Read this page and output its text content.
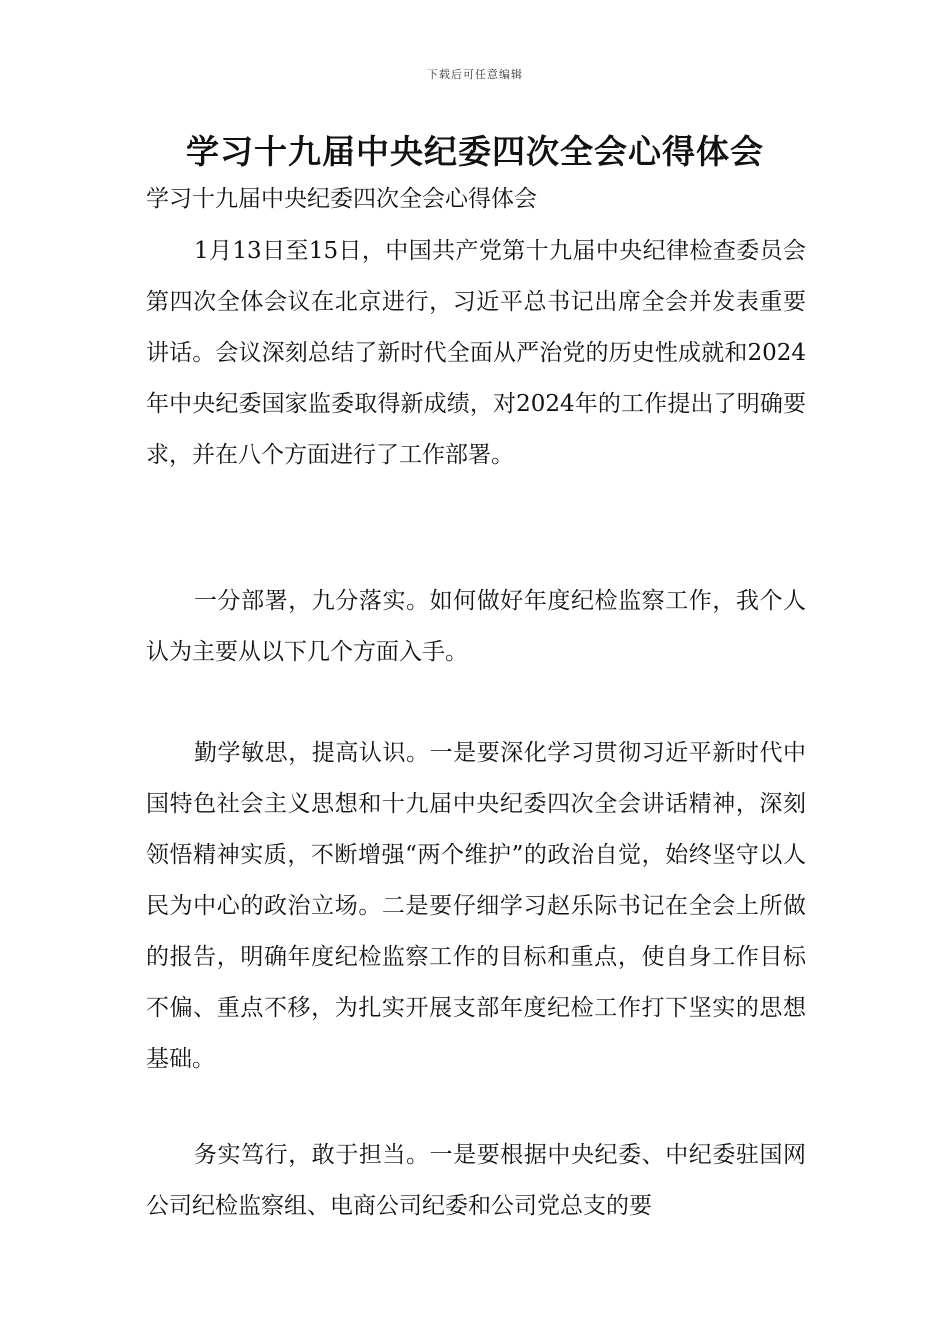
下载后可任意编辑
学习十九届中央纪委四次全会心得体会

学习十九届中央纪委四次全会心得体会

1月13日至15日，中国共产党第十九届中央纪律检查委员会第四次全体会议在北京进行，习近平总书记出席全会并发表重要讲话。会议深刻总结了新时代全面从严治党的历史性成就和2024年中央纪委国家监委取得新成绩，对2024年的工作提出了明确要求，并在八个方面进行了工作部署。

一分部署，九分落实。如何做好年度纪检监察工作，我个人认为主要从以下几个方面入手。

勤学敏思，提高认识。一是要深化学习贯彻习近平新时代中国特色社会主义思想和十九届中央纪委四次全会讲话精神，深刻领悟精神实质，不断增强“两个维护”的政治自觉，始终坚守以人民为中心的政治立场。二是要仔细学习赵乐际书记在全会上所做的报告，明确年度纪检监察工作的目标和重点，使自身工作目标不偏、重点不移，为扎实开展支部年度纪检工作打下坚实的思想基础。

务实笃行，敢于担当。一是要根据中央纪委、中纪委驻国网公司纪检监察组、电商公司纪委和公司党总支的要
